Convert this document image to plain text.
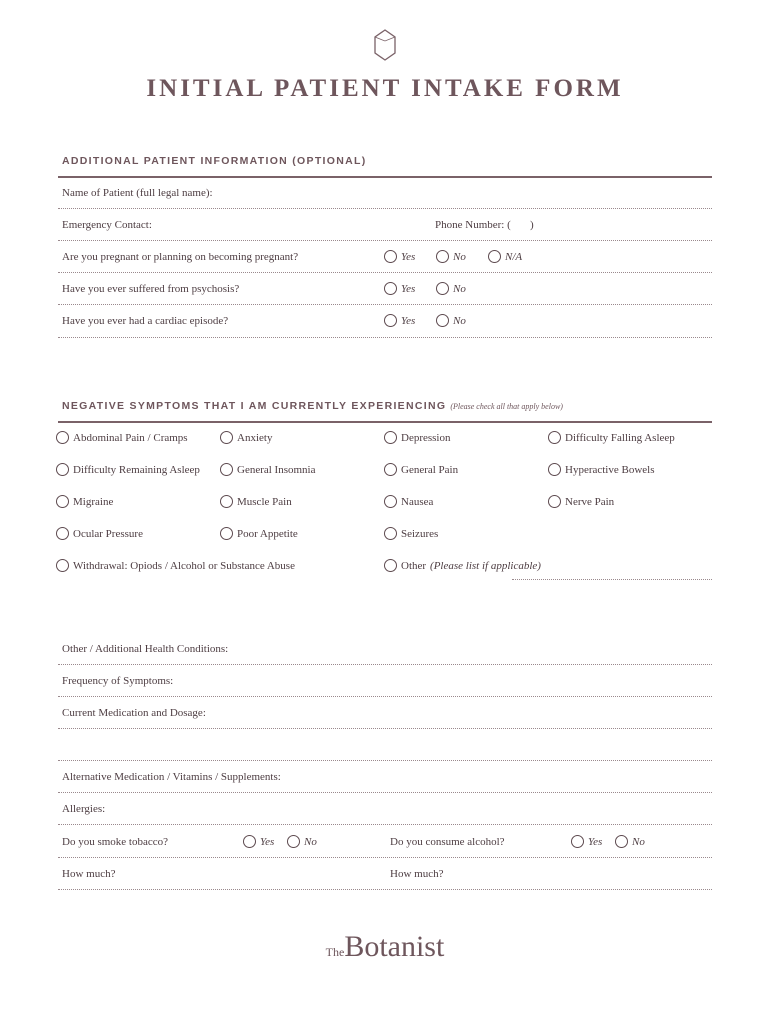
INITIAL PATIENT INTAKE FORM
ADDITIONAL PATIENT INFORMATION (OPTIONAL)
Name of Patient (full legal name):
Emergency Contact:	Phone Number: (       )
Are you pregnant or planning on becoming pregnant?	Yes	No	N/A
Have you ever suffered from psychosis?	Yes	No
Have you ever had a cardiac episode?	Yes	No
NEGATIVE SYMPTOMS THAT I AM CURRENTLY EXPERIENCING (Please check all that apply below)
Abdominal Pain / Cramps	Anxiety	Depression	Difficulty Falling Asleep
Difficulty Remaining Asleep	General Insomnia	General Pain	Hyperactive Bowels
Migraine	Muscle Pain	Nausea	Nerve Pain
Ocular Pressure	Poor Appetite	Seizures
Withdrawal: Opiods / Alcohol or Substance Abuse	Other (Please list if applicable)
Other / Additional Health Conditions:
Frequency of Symptoms:
Current Medication and Dosage:
Alternative Medication / Vitamins / Supplements:
Allergies:
Do you smoke tobacco?	Yes	No	Do you consume alcohol?	Yes	No
How much?	How much?
TheBotanist
